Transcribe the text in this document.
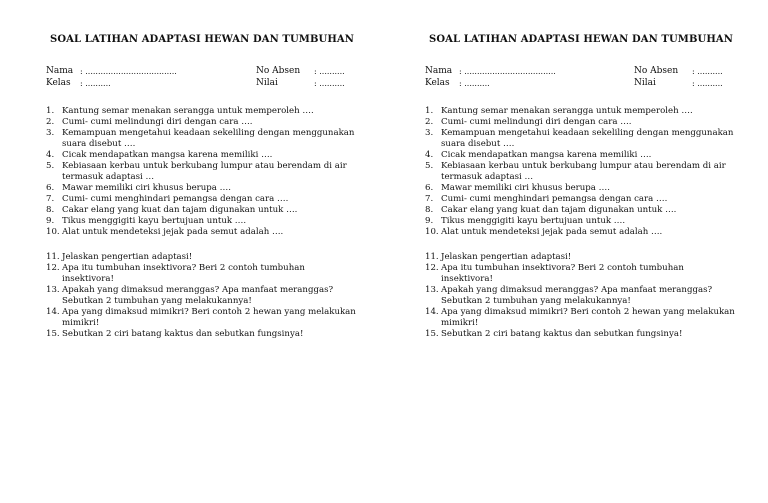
SOAL LATIHAN ADAPTASI HEWAN DAN TUMBUHAN
Nama : ....................................	No Absen : ..........
Kelas : ..........	Nilai	: ..........
1. Kantung semar menakan serangga untuk memperoleh ….
2. Cumi- cumi melindungi diri dengan cara ….
3. Kemampuan mengetahui keadaan sekeliling dengan menggunakan suara disebut ….
4. Cicak mendapatkan mangsa karena memiliki ….
5. Kebiasaan kerbau untuk berkubang lumpur atau berendam di air termasuk adaptasi …
6. Mawar memiliki ciri khusus berupa ….
7. Cumi- cumi menghindari pemangsa dengan cara ….
8. Cakar elang yang kuat dan tajam digunakan untuk ….
9. Tikus menggigiti kayu bertujuan untuk ….
10. Alat untuk mendeteksi jejak pada semut adalah ….
11. Jelaskan pengertian adaptasi!
12. Apa itu tumbuhan insektivora? Beri 2 contoh tumbuhan insektivora!
13. Apakah yang dimaksud meranggas? Apa manfaat meranggas? Sebutkan 2 tumbuhan yang melakukannya!
14. Apa yang dimaksud mimikri? Beri contoh 2 hewan yang melakukan mimikri!
15. Sebutkan 2 ciri batang kaktus dan sebutkan fungsinya!
SOAL LATIHAN ADAPTASI HEWAN DAN TUMBUHAN
Nama : ....................................	No Absen : ..........
Kelas : ..........	Nilai	: ..........
1. Kantung semar menakan serangga untuk memperoleh ….
2. Cumi- cumi melindungi diri dengan cara ….
3. Kemampuan mengetahui keadaan sekeliling dengan menggunakan suara disebut ….
4. Cicak mendapatkan mangsa karena memiliki ….
5. Kebiasaan kerbau untuk berkubang lumpur atau berendam di air termasuk adaptasi …
6. Mawar memiliki ciri khusus berupa ….
7. Cumi- cumi menghindari pemangsa dengan cara ….
8. Cakar elang yang kuat dan tajam digunakan untuk ….
9. Tikus menggigiti kayu bertujuan untuk ….
10. Alat untuk mendeteksi jejak pada semut adalah ….
11. Jelaskan pengertian adaptasi!
12. Apa itu tumbuhan insektivora? Beri 2 contoh tumbuhan insektivora!
13. Apakah yang dimaksud meranggas? Apa manfaat meranggas? Sebutkan 2 tumbuhan yang melakukannya!
14. Apa yang dimaksud mimikri? Beri contoh 2 hewan yang melakukan mimikri!
15. Sebutkan 2 ciri batang kaktus dan sebutkan fungsinya!
